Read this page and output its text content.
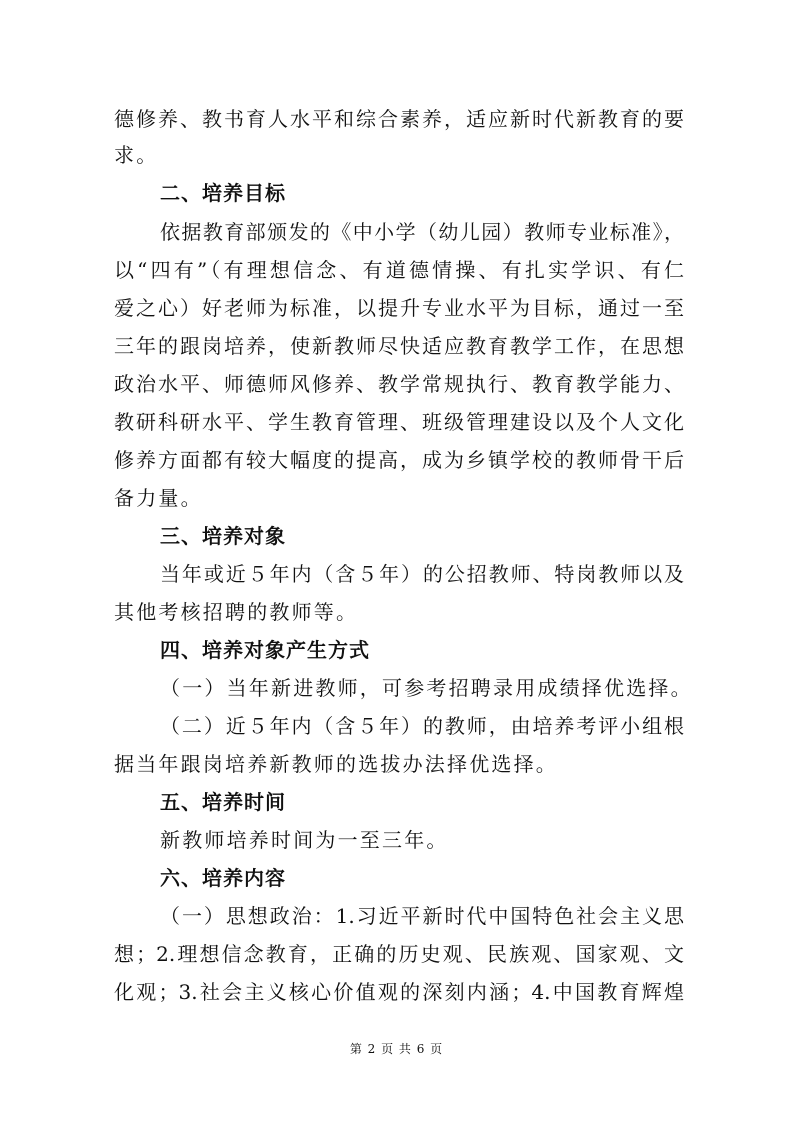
德修养、教书育人水平和综合素养，适应新时代新教育的要
求。
二、培养目标
依据教育部颁发的《中小学（幼儿园）教师专业标准》，
以“四有”（有理想信念、有道德情操、有扎实学识、有仁
爱之心）好老师为标准，以提升专业水平为目标，通过一至
三年的跟岗培养，使新教师尽快适应教育教学工作，在思想
政治水平、师德师风修养、教学常规执行、教育教学能力、
教研科研水平、学生教育管理、班级管理建设以及个人文化
修养方面都有较大幅度的提高，成为乡镇学校的教师骨干后
备力量。
三、培养对象
当年或近５年内（含５年）的公招教师、特岗教师以及
其他考核招聘的教师等。
四、培养对象产生方式
（一）当年新进教师，可参考招聘录用成绩择优选择。
（二）近５年内（含５年）的教师，由培养考评小组根
据当年跟岗培养新教师的选拔办法择优选择。
五、培养时间
新教师培养时间为一至三年。
六、培养内容
（一）思想政治：1.习近平新时代中国特色社会主义思
想；2.理想信念教育，正确的历史观、民族观、国家观、文
化观；3.社会主义核心价值观的深刻内涵；4.中国教育辉煌
第 2 页 共 6 页
